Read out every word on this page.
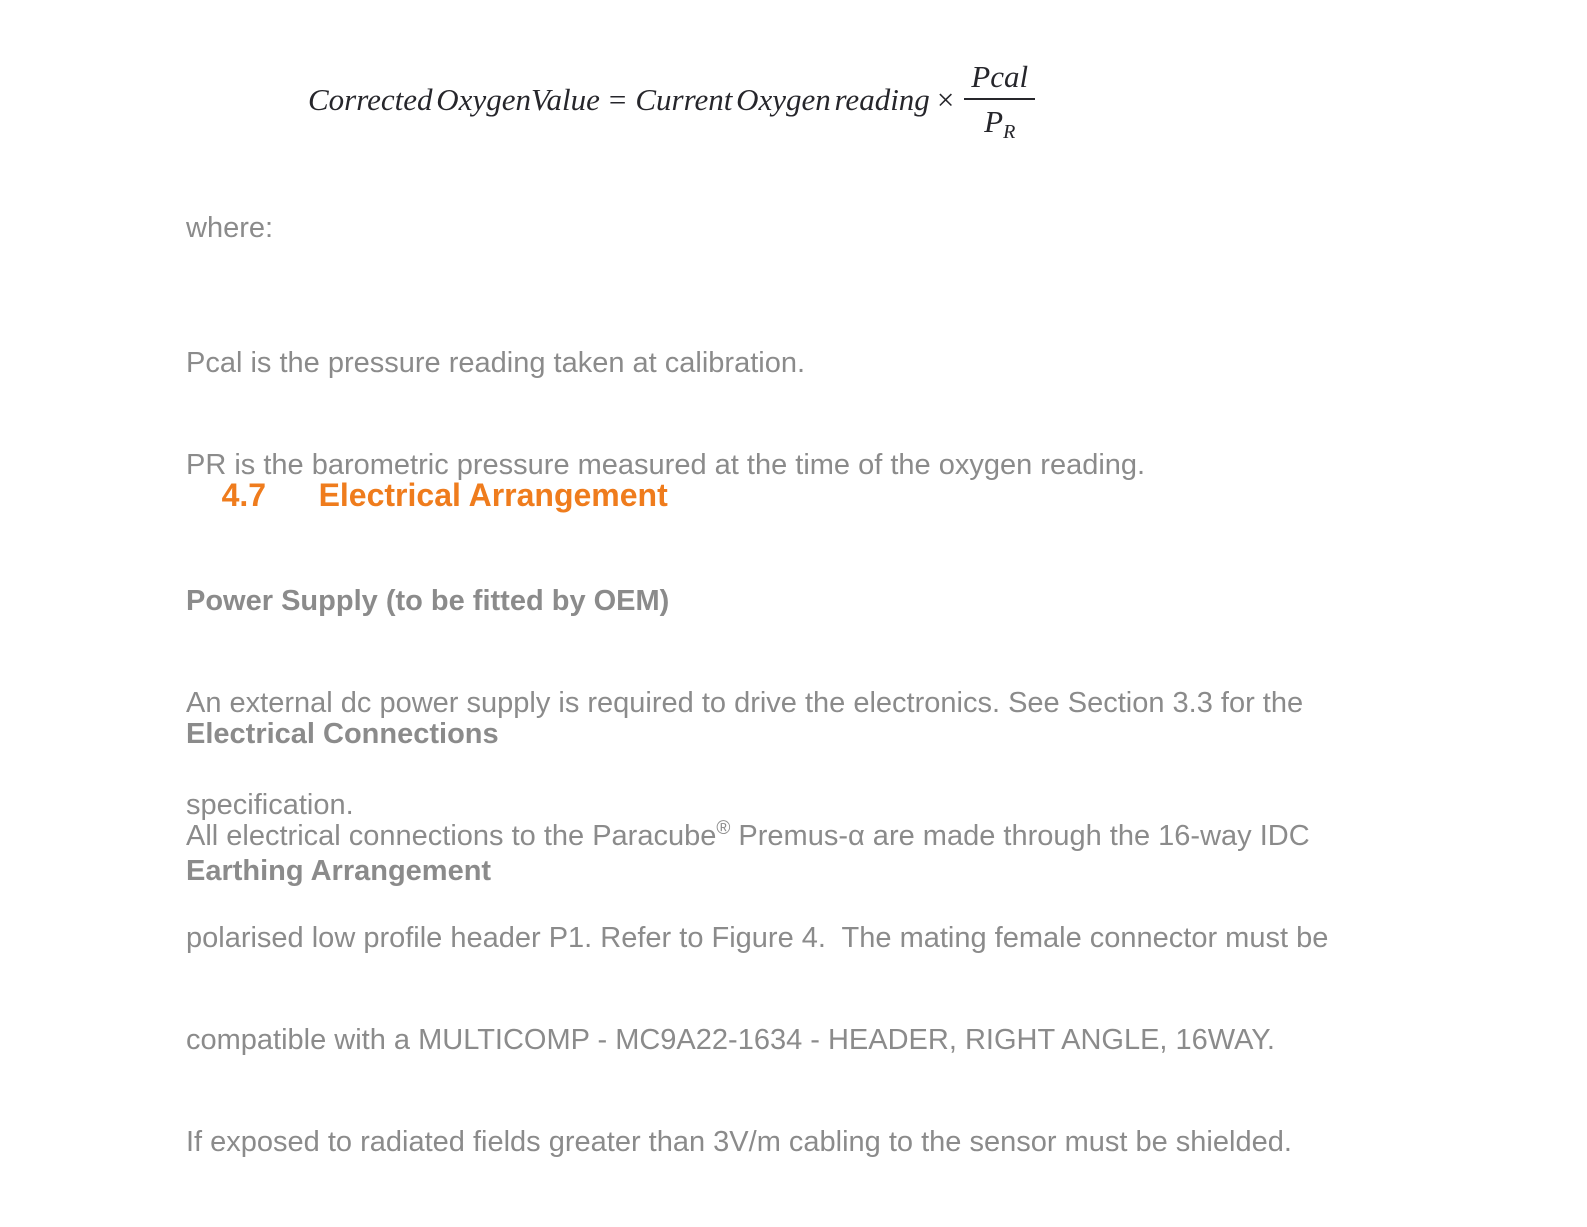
Corrected OxygenValue = Current Oxygen reading × $\frac{\text{Pcal}}{P_R}$
where:

Pcal is the pressure reading taken at calibration.

PR is the barometric pressure measured at the time of the oxygen reading.

4.7 Electrical Arrangement

Power Supply (to be fitted by OEM)

An external dc power supply is required to drive the electronics. See Section 3.3 for the

specification.

Electrical Connections

All electrical connections to the Paracube® Premus-α are made through the 16-way IDC

polarised low profile header P1. Refer to Figure 4.  The mating female connector must be

compatible with a MULTICOMP - MC9A22-1634 - HEADER, RIGHT ANGLE, 16WAY.

If exposed to radiated fields greater than 3V/m cabling to the sensor must be shielded.

Earthing Arrangement
